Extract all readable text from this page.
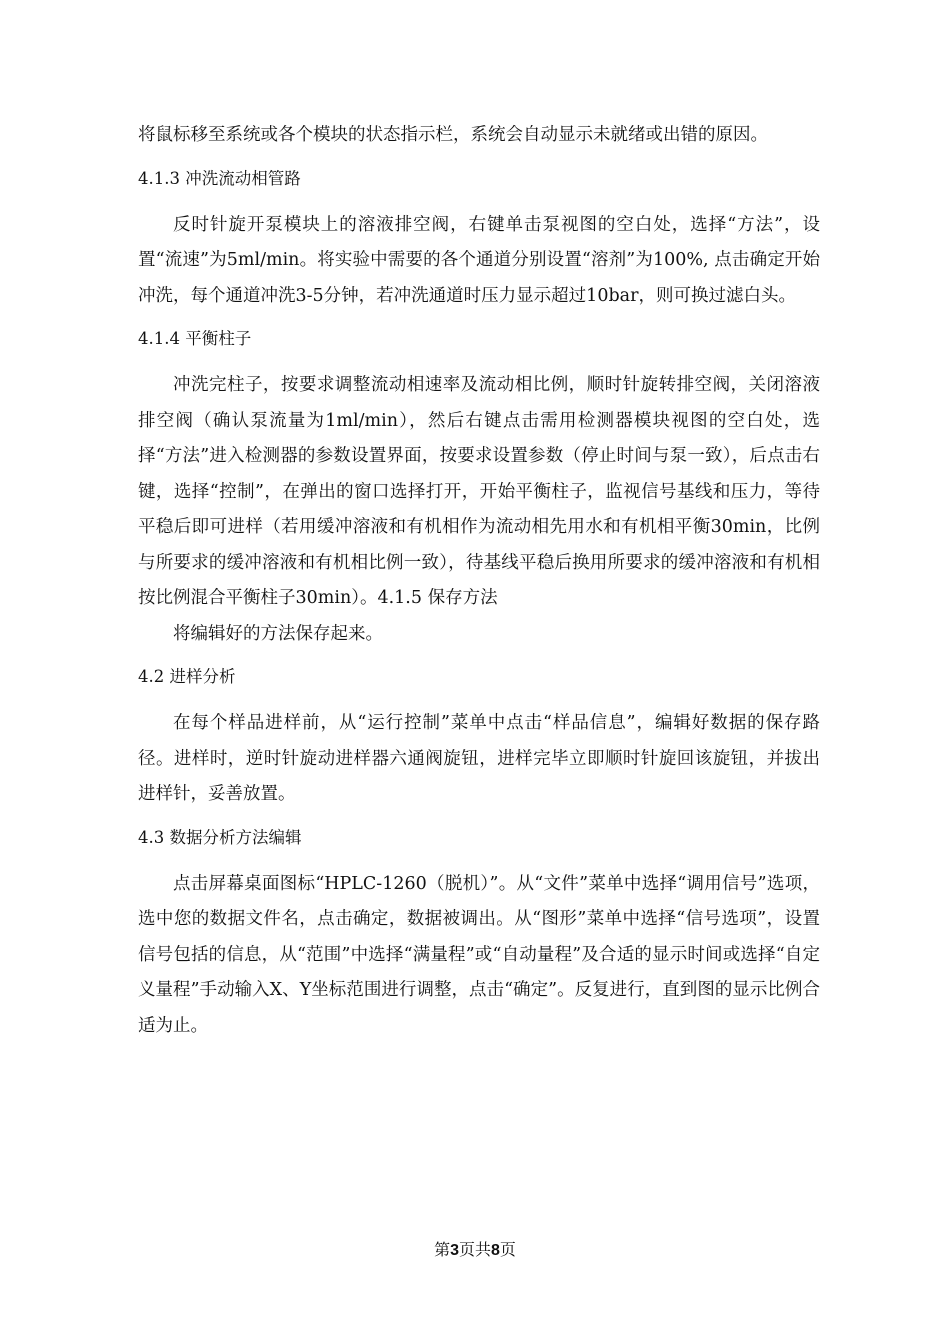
将鼠标移至系统或各个模块的状态指示栏，系统会自动显示未就绪或出错的原因。

4.1.3 冲洗流动相管路

反时针旋开泵模块上的溶液排空阀，右键单击泵视图的空白处，选择“方法”，设置“流速”为5ml/min。将实验中需要的各个通道分别设置“溶剂”为100%, 点击确定开始冲洗，每个通道冲洗3-5分钟，若冲洗通道时压力显示超过10bar，则可换过滤白头。

4.1.4 平衡柱子

冲洗完柱子，按要求调整流动相速率及流动相比例，顺时针旋转排空阀，关闭溶液排空阀（确认泵流量为1ml/min），然后右键点击需用检测器模块视图的空白处，选择“方法”进入检测器的参数设置界面，按要求设置参数（停止时间与泵一致），后点击右键，选择“控制”，在弹出的窗口选择打开，开始平衡柱子，监视信号基线和压力，等待平稳后即可进样（若用缓冲溶液和有机相作为流动相先用水和有机相平衡30min，比例与所要求的缓冲溶液和有机相比例一致），待基线平稳后换用所要求的缓冲溶液和有机相按比例混合平衡柱子30min）。4.1.5 保存方法

将编辑好的方法保存起来。

4.2 进样分析

在每个样品进样前，从“运行控制”菜单中点击“样品信息”，编辑好数据的保存路径。进样时，逆时针旋动进样器六通阀旋钮，进样完毕立即顺时针旋回该旋钮，并拔出进样针，妥善放置。

4.3 数据分析方法编辑

点击屏幕桌面图标“HPLC-1260（脱机）”。从“文件”菜单中选择“调用信号”选项，选中您的数据文件名，点击确定，数据被调出。从“图形”菜单中选择“信号选项”，设置信号包括的信息，从“范围”中选择“满量程”或“自动量程”及合适的显示时间或选择“自定义量程”手动输入X、Y坐标范围进行调整，点击“确定”。反复进行，直到图的显示比例合适为止。

第3页共8页
